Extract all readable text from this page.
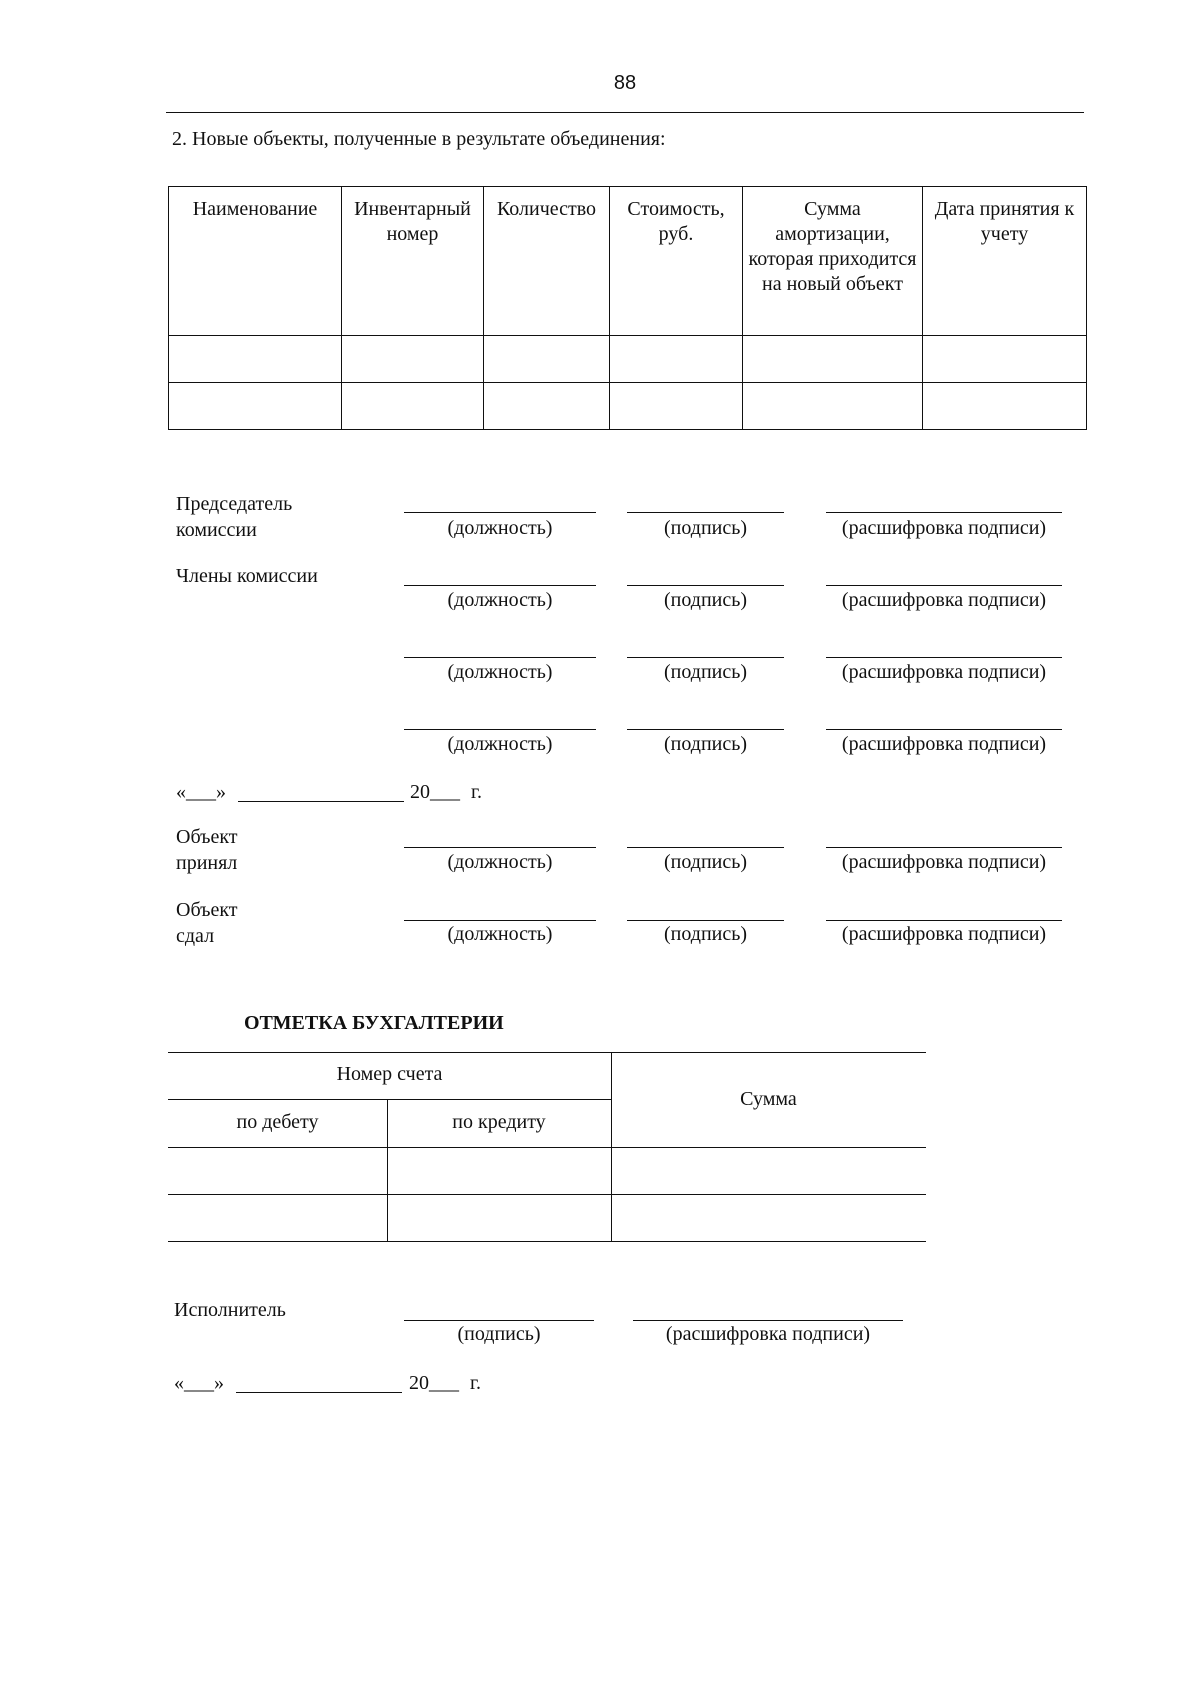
88
2. Новые объекты, полученные в результате объединения:
Наименование	Инвентарный номер	Количество	Стоимость, руб.	Сумма амортизации, которая приходится на новый объект	Дата принятия к учету

Председатель комиссии	(должность)	(подпись)	(расшифровка подписи)
Члены комиссии
(должность)	(подпись)	(расшифровка подписи)
(должность)	(подпись)	(расшифровка подписи)
(должность)	(подпись)	(расшифровка подписи)
«___»	20___ г.
Объект принял	(должность)	(подпись)	(расшифровка подписи)
Объект сдал	(должность)	(подпись)	(расшифровка подписи)
ОТМЕТКА БУХГАЛТЕРИИ
Номер счета
по дебету	по кредиту
Сумма
Исполнитель
(подпись)	(расшифровка подписи)
«___»	20___ г.
